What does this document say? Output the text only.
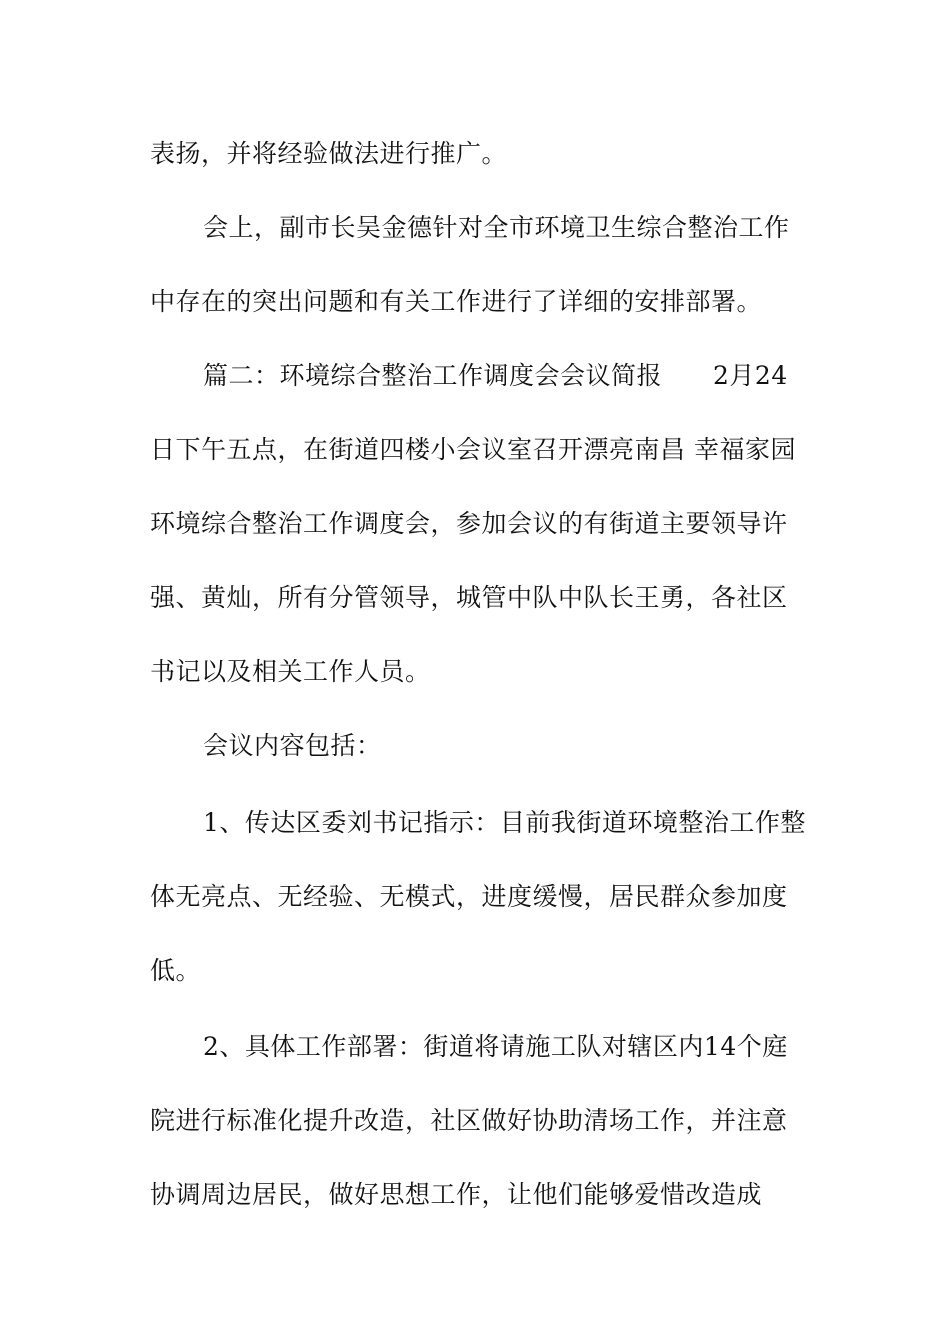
表扬，并将经验做法进行推广。
会上，副市长吴金德针对全市环境卫生综合整治工作
中存在的突出问题和有关工作进行了详细的安排部署。
篇二：环境综合整治工作调度会会议简报　　2月24
日下午五点，在街道四楼小会议室召开漂亮南昌 幸福家园
环境综合整治工作调度会，参加会议的有街道主要领导许
强、黄灿，所有分管领导，城管中队中队长王勇，各社区
书记以及相关工作人员。
会议内容包括：
1、传达区委刘书记指示：目前我街道环境整治工作整
体无亮点、无经验、无模式，进度缓慢，居民群众参加度
低。
2、具体工作部署：街道将请施工队对辖区内14个庭
院进行标准化提升改造，社区做好协助清场工作，并注意
协调周边居民，做好思想工作，让他们能够爱惜改造成
